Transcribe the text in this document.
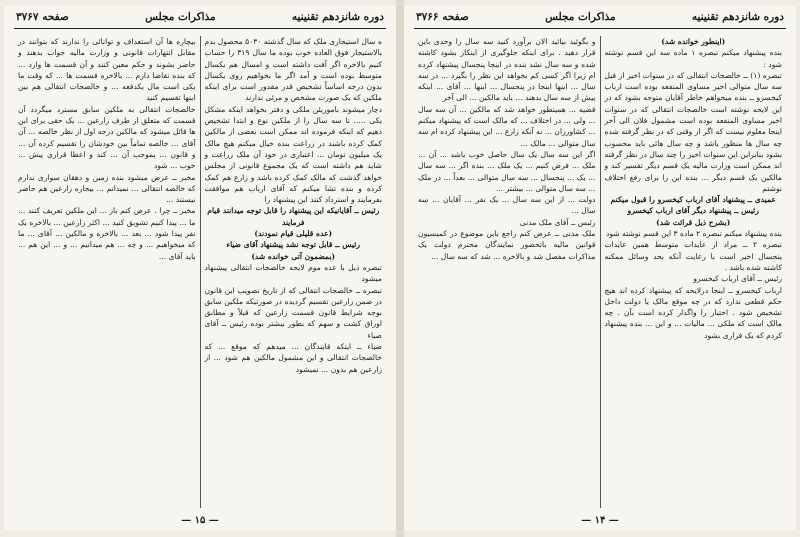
دوره شانزدهم تقنینیه
مذاکرات مجلس
صفحه ۳۷۶۷

ه سال استیجاری ملک که سال گذشته ۵۰۳۰ محصول بدم بالاستیجار فوق العاده خوب بوده ما سال ۳۱۹ را حساب کنیم بالاخره اگر آفت داشته است و امسال هم یکسال متوسط بوده است و آمد اگر ما بخواهیم روی یکسال بدون درجه اساساً تشخیص قدر مقدور است برای اینکه ملکین که یک صورت مشخص و مرئی ندارند

دچار میشوند باموریئن ملکی و دفتر بخواهد اینکه مشکل یکی ..... تا سه سال را از ملکین نوع و ابتدا تشخیص دهیم که اینکه فرموده اند ممکن است بعضی از مالکین کمک کرده باشند در زراعت بنده خیال میکنم هیچ مالک یک میلیون تومان ... اعتباری در خود آن ملک زراعت و شاید هم داشته است که یک مجموع قانونی از مجلس خواهد گذشت که مالک کمک کرده باشد و زارع هم کمک کرده و بنده تشا میکنم که آقای ارباب هم موافقت بفرمایند و استرداد کنند این پیشنهاد را

رئیس ــ آقایانیکه این پیشنهاد را قابل توجه میدانند قیام فرمایند

(عده قلیلی قیام نمودند)

رئیس ــ قابل توجه نشد پیشنهاد آقای ضیاء

(بمضمون آتی خوانده شد)

تبصره ذیل با عده موم لایحه خالصجات انتقالی پیشنهاد میشود

تبصره ــ خالصجات انتقالی که از تاریخ تصویب این قانون در ضمن زارعین تقسیم گردیده در صورتیکه ملکین سابق بوجه شرایط قانون قسمت زارعین که قبلاً و مطابق اوراق کشت و سهم که بطور بیشتر بوده رئیس ــ آقای ضیاء

ضیاء ــ اینکه قایند‌گان ... میدهم که موقع ... که خالصجات انتقالی و این مشمول مالکین هم شود ... از زارعین هم بدون ... نمیشود

بیچاره ها آن استعداف و توانائی را ندارند که بتوانند در مقابل انتهارات قانونی و وزارت مالیه جواب بدهند و حاضر بشوند و حکم معین کنند و آن قسمت ها وارد ... که بنده تقاضا دارم ... بالاخره قسمت ها ... که وقت ما یکی است مال یکدفعه ... و خالصجات انتقالی هم بین اینها تقسیم کنید

خالصجات انتقالی به ملکین سابق مسترد میگردد آن قسمت که متعلق از طرف زارعین ... یک حقی برای این ها قائل میشود که مالکین درجه اول از نظر خالصه ... آن آقای ... خالصه تماماً بین خودشان را تقسیم کرده آن ... و قانون ... بموجب آن ... کند و اعطا قراری پیش ... خوب ... شود

مخبر ــ عرض میشود بنده زمین و دهقان سواری ندارم که خالصه انتقالی ... نمیدانم ... بیجاره زارعین هم حاضر نیستند ...

مخبر ــ چرا . عرض کنم باز ... این ملکین تعریف کنند ... ما ... پیدا کنیم تشویق کنید ... اکثر زارعین ... بالاخره یک نفر پیدا شود ... بعد ... بالاخره و مالکین ... آقای ... ما که میخواهیم ... و چه ... هم میدانیم ... و ... این هم ... باید آقای ...

— ۱۵ —
دوره شانزدهم تقنینیه
مذاکرات مجلس
صفحه ۳۷۶۶

(اینطور خوانده شد)

بنده پیشنهاد میکنم تبصره ۱ ماده سه این قسم نوشته شود :

تبصره (۱) ــ خالصجات انتقالی که در سنوات اخیر از قبل سه سال متوالی اخیر مساوی المنفعه بوده است ارباب کیخسرو ــ بنده میخواهم خاطر آقایان متوجه بشود که در این لایحه نوشته است خالصجات انتقالی که در سنوات اخیر مساوی المنفعه بوده است مشمول فلان الی آخر اینجا معلوم نیست که اگر از وقتی که در نظر گرفته شده چه سال ها منظور باشد و چه سال هائی باید محسوب بشود بنابراین این سنوات اخیر را چند سال در نظر گرفته اند ممکن است وزارت مالیه یک قسم دیگر تفسیر کند و مالکین یک قسم دیگر ... بنده این را برای رفع اختلاف نوشتم

عمیدی ــ پیشنهاد آقای ارباب کیخسرو را قبول میکنم

رئیس ــ پیشنهاد دیگر آقای ارباب کیخسرو

(بشرح ذیل قرائت شد)

بنده پیشنهاد میکنم تبصره ۲ ماده ۳ این قسم نوشته شود

تبصره ۲ ــ مراد از عایدات متوسط همین عایدات پنجسال اخیر است با رعایت آنکه بحد وسائل ممکنه کاشته شده باشد .

رئیس ــ آقای ارباب کیخسرو

ارباب کیخسرو ــ اینجا درلایحه که پیشنهاد کرده اند هیچ حکم قطعی ندارد که در چه موقع مالک یا دولت داخل تشخیص شود . اختیار را واگذار کرده است بآن . چه مالک است که ملکی ... مالیات ... و این ... بنده پیشنهاد کردم که یک قراری بشود

و بگوئید بیائید الان برآورد کنید سه سال را وحدی باین قرار دهید . برای اینکه جلوگیری از اینکار بشود کاشته شده و سه سال نشد بنده در اینجا پنجسال پیشنهاد کرده ام زیرا اگر کسی کم بخواهد این نظر را بگیرد ... در سه سال ... اینها اینجا در پنجسال ... اینها ... آقای ... اینکه پیش از سه سال بدهند ... باید مالکین ... الی آخر

قضیه ... همینطور خواهد شد که مالکین ... آن سه سال ... ولی ... در اختلاف ... که مالک است که پیشنهاد میکنم ... کشاورزان ... نه آنکه زارع ... این پیشنهاد کرده ام سه سال متوالی ... مالک ...

اگر این سه سال یک سال حاصل خوب باشد ... آن ... ملک ... فرض کنیم ... یک ملک ... بنده اگر ... سه سال ... یک ... پنجسال ... سه سال متوالی ... بعداً ... در ملک ... سه سال متوالی ... بیشتر ...

دولت ... از این سه سال ... یک نفر ... آقایان ... سه سال ...

رئیس ــ آقای ملک مدنی

ملک مدنی ــ عرض کنم راجع باین موضوع در کمیسیون قوانین مالیه باتحضور نمایندگان محترم دولت یک مذاکرات مفصل شد و بالاخره ... شد که سه سال ...

— ۱۴ —
